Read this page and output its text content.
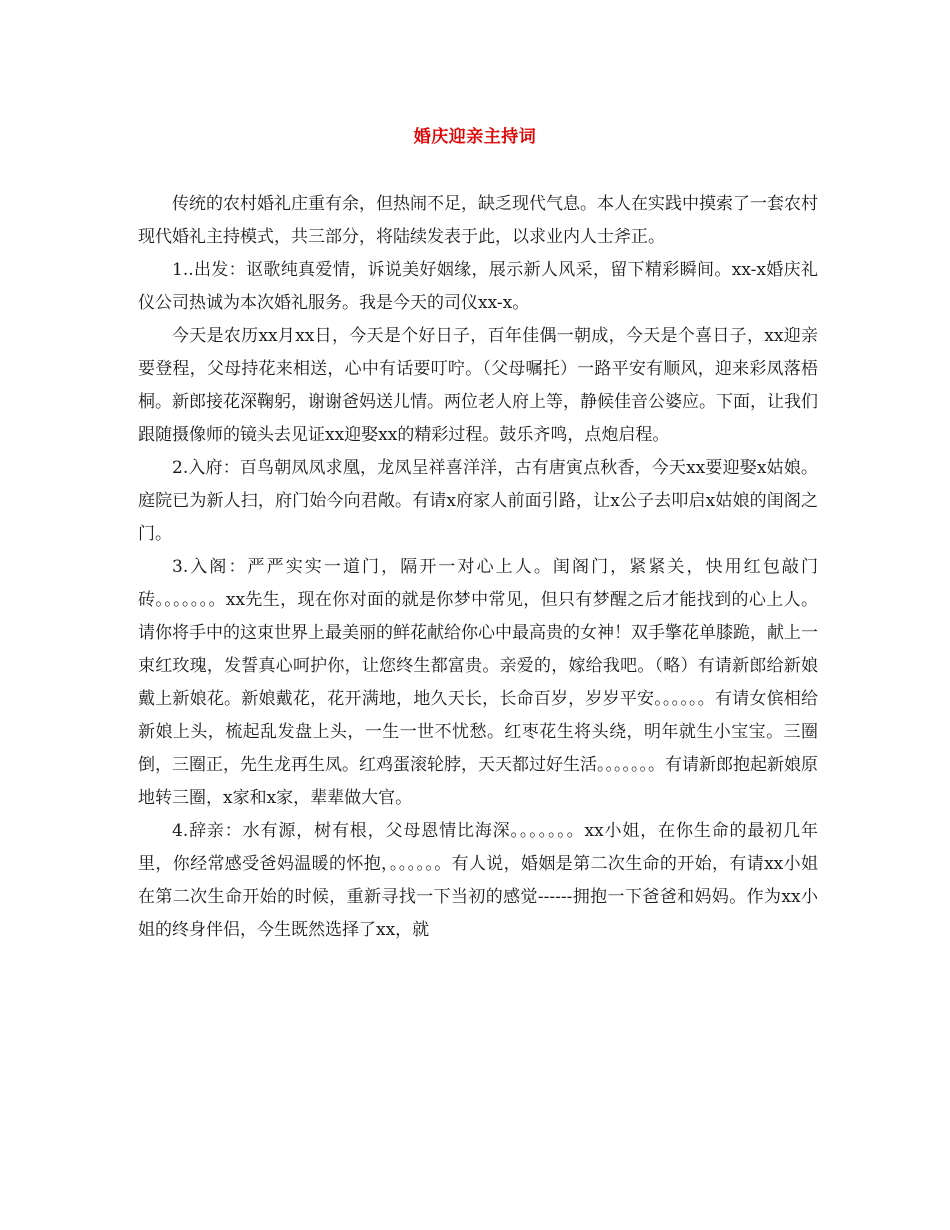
婚庆迎亲主持词

传统的农村婚礼庄重有余，但热闹不足，缺乏现代气息。本人在实践中摸索了一套农村现代婚礼主持模式，共三部分，将陆续发表于此，以求业内人士斧正。

1..出发：讴歌纯真爱情，诉说美好姻缘，展示新人风采，留下精彩瞬间。xx-x婚庆礼仪公司热诚为本次婚礼服务。我是今天的司仪xx-x。

今天是农历xx月xx日，今天是个好日子，百年佳偶一朝成，今天是个喜日子，xx迎亲要登程，父母持花来相送，心中有话要叮咛。（父母嘱托）一路平安有顺风，迎来彩凤落梧桐。新郎接花深鞠躬，谢谢爸妈送儿情。两位老人府上等，静候佳音公婆应。下面，让我们跟随摄像师的镜头去见证xx迎娶xx的精彩过程。鼓乐齐鸣，点炮启程。

2.入府：百鸟朝凤凤求凰，龙凤呈祥喜洋洋，古有唐寅点秋香，今天xx要迎娶x姑娘。庭院已为新人扫，府门始今向君敞。有请x府家人前面引路，让x公子去叩启x姑娘的闺阁之门。

3.入阁：严严实实一道门，隔开一对心上人。闺阁门，紧紧关，快用红包敲门砖。。。。。。。xx先生，现在你对面的就是你梦中常见，但只有梦醒之后才能找到的心上人。请你将手中的这束世界上最美丽的鲜花献给你心中最高贵的女神！双手擎花单膝跪，献上一束红玫瑰，发誓真心呵护你，让您终生都富贵。亲爱的，嫁给我吧。（略）有请新郎给新娘戴上新娘花。新娘戴花，花开满地，地久天长，长命百岁，岁岁平安。。。。。。有请女傧相给新娘上头，梳起乱发盘上头，一生一世不忧愁。红枣花生将头绕，明年就生小宝宝。三圈倒，三圈正，先生龙再生凤。红鸡蛋滚轮脖，天天都过好生活。。。。。。。有请新郎抱起新娘原地转三圈，x家和x家，辈辈做大官。

4.辞亲：水有源，树有根，父母恩情比海深。。。。。。。xx小姐，在你生命的最初几年里，你经常感受爸妈温暖的怀抱，。。。。。。有人说，婚姻是第二次生命的开始，有请xx小姐在第二次生命开始的时候，重新寻找一下当初的感觉------拥抱一下爸爸和妈妈。作为xx小姐的终身伴侣，今生既然选择了xx，就
